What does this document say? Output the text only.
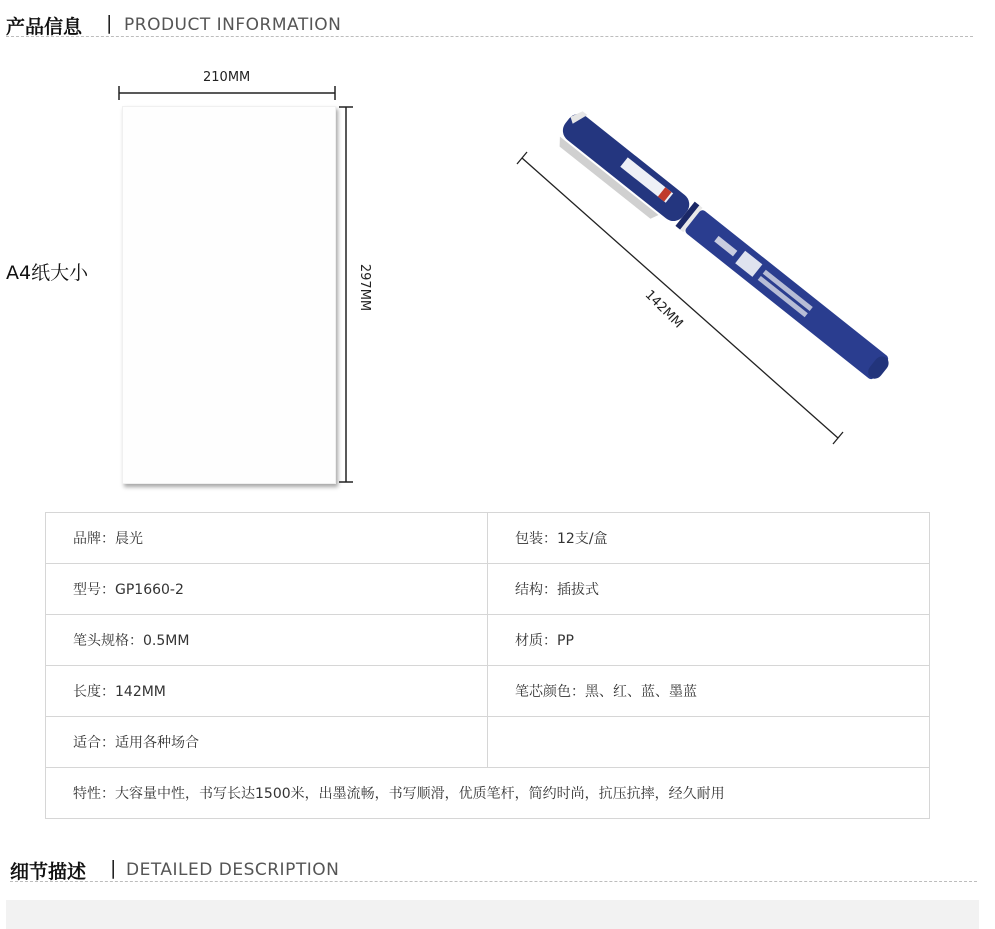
产品信息 | PRODUCT INFORMATION
A4纸大小
210MM
297MM	142MM
品牌：晨光	包装：12支/盒
型号：GP1660-2	结构：插拔式
笔头规格：0.5MM	材质：PP
长度：142MM	笔芯颜色：黑、红、蓝、墨蓝
适合：适用各种场合	
特性：大容量中性，书写长达1500米，出墨流畅，书写顺滑，优质笔杆，简约时尚，抗压抗摔，经久耐用	
细节描述 | DETAILED DESCRIPTION
